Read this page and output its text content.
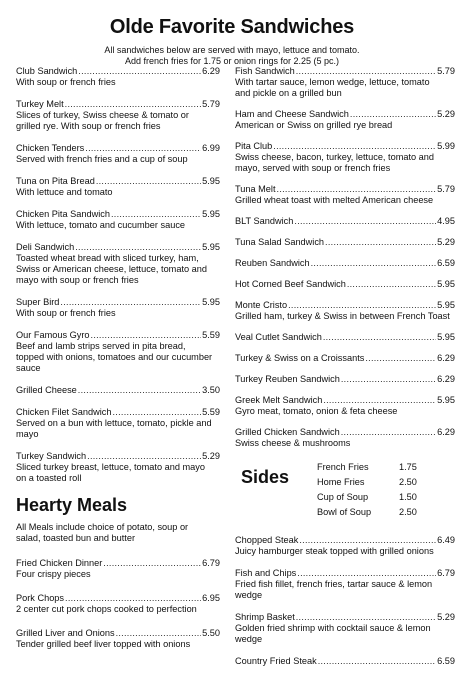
Olde Favorite Sandwiches
All sandwiches below are served with mayo, lettuce and tomato.
Add french fries for 1.75 or onion rings for 2.25 (5 pc.)
Club Sandwich .....	6.29
With soup or french fries
Turkey Melt .....	5.79
Slices of turkey, Swiss cheese & tomato or
grilled rye. With soup or french fries
Chicken Tenders .....	6.99
Served with french fries and a cup of soup
Tuna on Pita Bread .....	5.95
With lettuce and tomato
Chicken Pita Sandwich .....	5.95
With lettuce, tomato and cucumber sauce
Deli Sandwich .....	5.95
Toasted wheat bread with sliced turkey, ham,
Swiss or American cheese, lettuce, tomato and
mayo with soup or french fries
Super Bird .....	5.95
With soup or french fries
Our Famous Gyro .....	5.59
Beef and lamb strips served in pita bread,
topped with onions, tomatoes and our cucumber
sauce
Grilled Cheese .....	3.50
Chicken Filet Sandwich .....	5.59
Served on a bun with lettuce, tomato, pickle and
mayo
Turkey Sandwich .....	5.29
Sliced turkey breast, lettuce, tomato and mayo
on a toasted roll
Hearty Meals
All Meals include choice of potato, soup or
salad, toasted bun and butter
Fried Chicken Dinner .....	6.79
Four crispy pieces
Pork Chops .....	6.95
2 center cut pork chops cooked to perfection
Grilled Liver and Onions .....	5.50
Tender grilled beef liver topped with onions
Fish Sandwich .....	5.79
With tartar sauce, lemon wedge, lettuce, tomato
and pickle on a grilled bun
Ham and Cheese Sandwich .....	5.29
American or Swiss on grilled rye bread
Pita Club .....	5.99
Swiss cheese, bacon, turkey, lettuce, tomato and
mayo, served with soup or french fries
Tuna Melt .....	5.79
Grilled wheat toast with melted American cheese
BLT Sandwich .....	4.95
Tuna Salad Sandwich .....	5.29
Reuben Sandwich .....	6.59
Hot Corned Beef Sandwich .....	5.95
Monte Cristo .....	5.95
Grilled ham, turkey & Swiss in between French Toast
Veal Cutlet Sandwich .....	5.95
Turkey & Swiss on a Croissants .....	6.29
Turkey Reuben Sandwich .....	6.29
Greek Melt Sandwich .....	5.95
Gyro meat, tomato, onion & feta cheese
Grilled Chicken Sandwich .....	6.29
Swiss cheese & mushrooms
Sides
French Fries	1.75
Home Fries	2.50
Cup of Soup	1.50
Bowl of Soup	2.50
Chopped Steak .....	6.49
Juicy hamburger steak topped with grilled onions
Fish and Chips .....	6.79
Fried fish fillet, french fries, tartar sauce & lemon
wedge
Shrimp Basket .....	5.29
Golden fried shrimp with cocktail sauce & lemon
wedge
Country Fried Steak .....	6.59
